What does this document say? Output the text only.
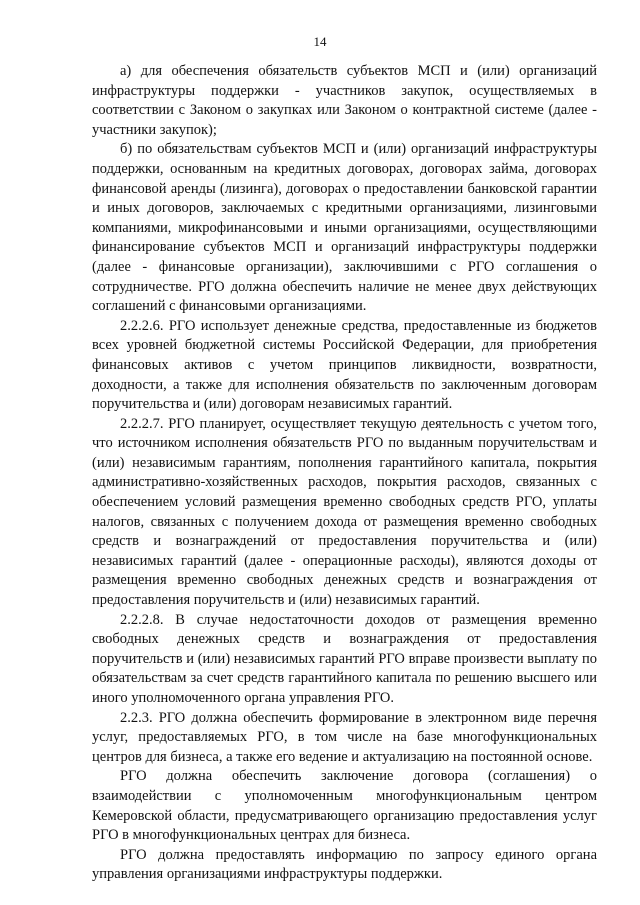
14

а) для обеспечения обязательств субъектов МСП и (или) организаций инфраструктуры поддержки - участников закупок, осуществляемых в соответствии с Законом о закупках или Законом о контрактной системе (далее - участники закупок);

б) по обязательствам субъектов МСП и (или) организаций инфраструктуры поддержки, основанным на кредитных договорах, договорах займа, договорах финансовой аренды (лизинга), договорах о предоставлении банковской гарантии и иных договоров, заключаемых с кредитными организациями, лизинговыми компаниями, микрофинансовыми и иными организациями, осуществляющими финансирование субъектов МСП и организаций инфраструктуры поддержки (далее - финансовые организации), заключившими с РГО соглашения о сотрудничестве. РГО должна обеспечить наличие не менее двух действующих соглашений с финансовыми организациями.

2.2.2.6. РГО использует денежные средства, предоставленные из бюджетов всех уровней бюджетной системы Российской Федерации, для приобретения финансовых активов с учетом принципов ликвидности, возвратности, доходности, а также для исполнения обязательств по заключенным договорам поручительства и (или) договорам независимых гарантий.

2.2.2.7. РГО планирует, осуществляет текущую деятельность с учетом того, что источником исполнения обязательств РГО по выданным поручительствам и (или) независимым гарантиям, пополнения гарантийного капитала, покрытия административно-хозяйственных расходов, покрытия расходов, связанных с обеспечением условий размещения временно свободных средств РГО, уплаты налогов, связанных с получением дохода от размещения временно свободных средств и вознаграждений от предоставления поручительства и (или) независимых гарантий (далее - операционные расходы), являются доходы от размещения временно свободных денежных средств и вознаграждения от предоставления поручительств и (или) независимых гарантий.

2.2.2.8. В случае недостаточности доходов от размещения временно свободных денежных средств и вознаграждения от предоставления поручительств и (или) независимых гарантий РГО вправе произвести выплату по обязательствам за счет средств гарантийного капитала по решению высшего или иного уполномоченного органа управления РГО.

2.2.3. РГО должна обеспечить формирование в электронном виде перечня услуг, предоставляемых РГО, в том числе на базе многофункциональных центров для бизнеса, а также его ведение и актуализацию на постоянной основе.

РГО должна обеспечить заключение договора (соглашения) о взаимодействии с уполномоченным многофункциональным центром Кемеровской области, предусматривающего организацию предоставления услуг РГО в многофункциональных центрах для бизнеса.

РГО должна предоставлять информацию по запросу единого органа управления организациями инфраструктуры поддержки.
